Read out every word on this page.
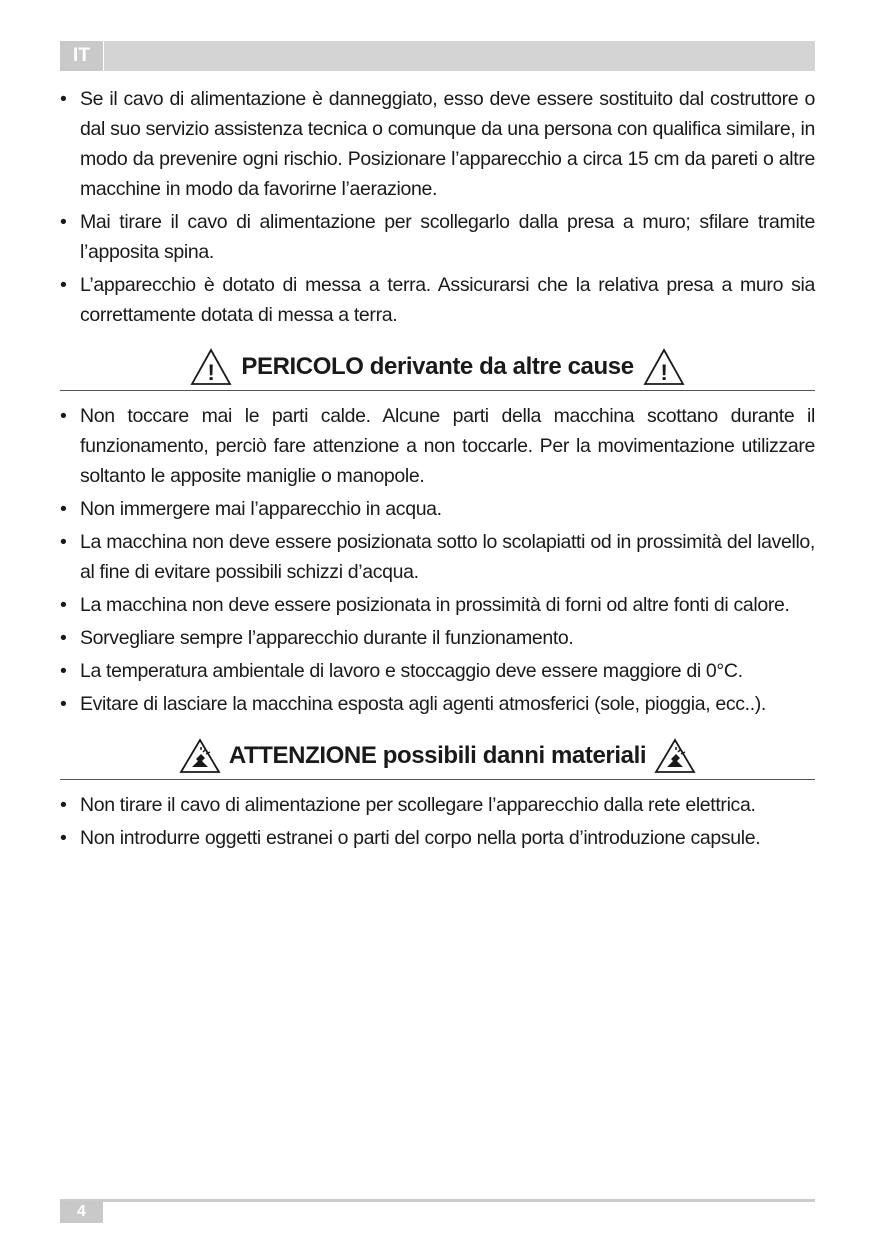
IT
• Se il cavo di alimentazione è danneggiato, esso deve essere sostituito dal costruttore o dal suo servizio assistenza tecnica o comunque da una persona con qualifica similare, in modo da prevenire ogni rischio. Posizionare l’apparecchio a circa 15 cm da pareti o altre macchine in modo da favorirne l’aerazione.
• Mai tirare il cavo di alimentazione per scollegarlo dalla presa a muro; sfilare tramite l’apposita spina.
• L’apparecchio è dotato di messa a terra. Assicurarsi che la relativa presa a muro sia correttamente dotata di messa a terra.
! PERICOLO derivante da altre cause !
• Non toccare mai le parti calde. Alcune parti della macchina scottano durante il funzionamento, perciò fare attenzione a non toccarle. Per la movimentazione utilizzare soltanto le apposite maniglie o manopole.
• Non immergere mai l’apparecchio in acqua.
• La macchina non deve essere posizionata sotto lo scolapiatti od in prossimità del lavello, al fine di evitare possibili schizzi d’acqua.
• La macchina non deve essere posizionata in prossimità di forni od altre fonti di calore.
• Sorvegliare sempre l’apparecchio durante il funzionamento.
• La temperatura ambientale di lavoro e stoccaggio deve essere maggiore di 0°C.
• Evitare di lasciare la macchina esposta agli agenti atmosferici (sole, pioggia, ecc..).
ATTENZIONE possibili danni materiali
• Non tirare il cavo di alimentazione per scollegare l’apparecchio dalla rete elettrica.
• Non introdurre oggetti estranei o parti del corpo nella porta d’introduzione capsule.
4
